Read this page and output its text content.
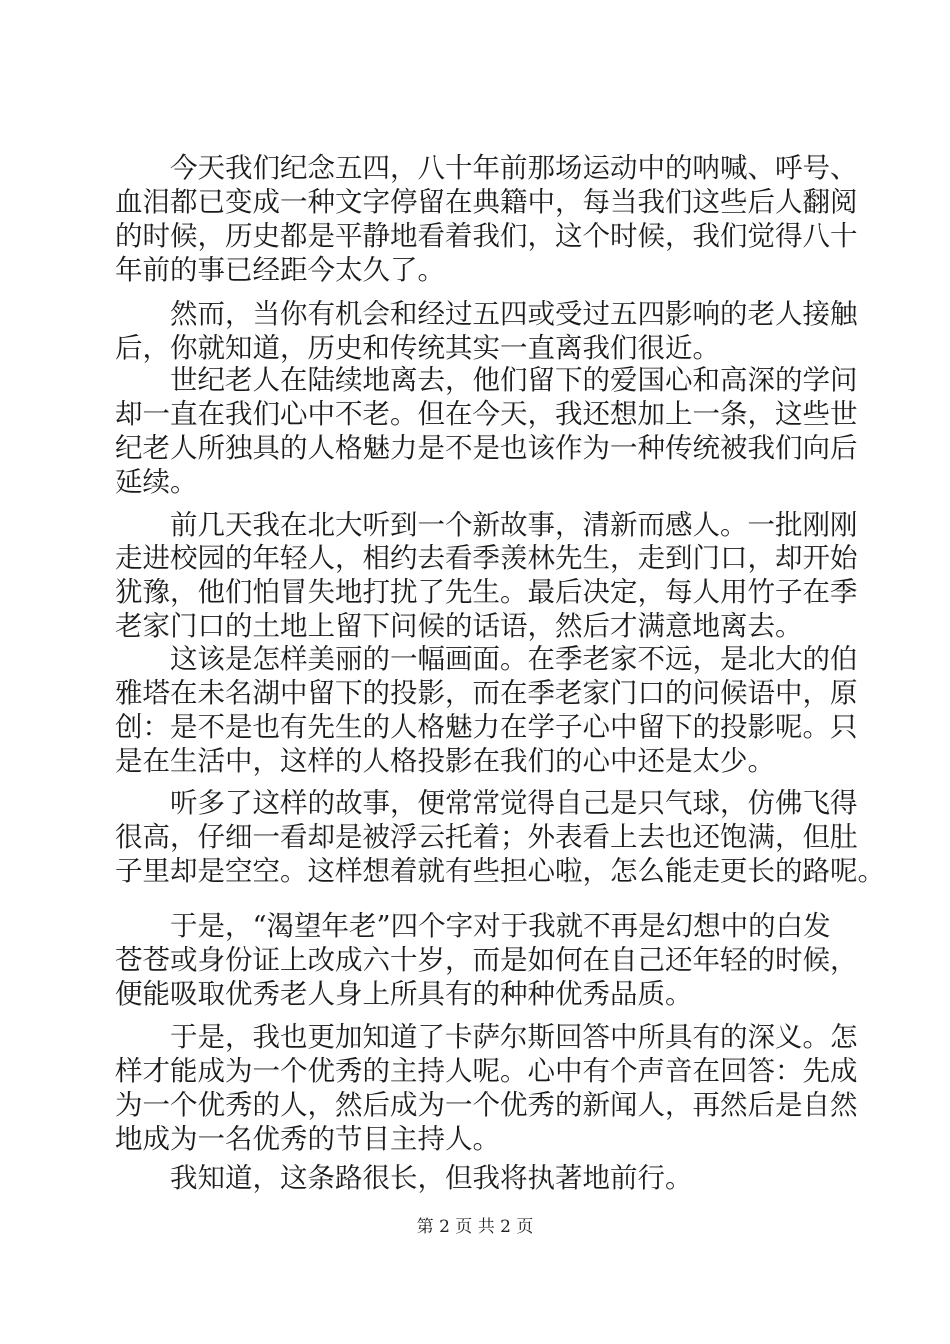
　　今天我们纪念五四，八十年前那场运动中的呐喊、呼号、
血泪都已变成一种文字停留在典籍中，每当我们这些后人翻阅
的时候，历史都是平静地看着我们，这个时候，我们觉得八十
年前的事已经距今太久了。
　　然而，当你有机会和经过五四或受过五四影响的老人接触
后，你就知道，历史和传统其实一直离我们很近。
　　世纪老人在陆续地离去，他们留下的爱国心和高深的学问
却一直在我们心中不老。但在今天，我还想加上一条，这些世
纪老人所独具的人格魅力是不是也该作为一种传统被我们向后
延续。
　　前几天我在北大听到一个新故事，清新而感人。一批刚刚
走进校园的年轻人，相约去看季羡林先生，走到门口，却开始
犹豫，他们怕冒失地打扰了先生。最后决定，每人用竹子在季
老家门口的土地上留下问候的话语，然后才满意地离去。
　　这该是怎样美丽的一幅画面。在季老家不远，是北大的伯
雅塔在未名湖中留下的投影，而在季老家门口的问候语中，原
创：是不是也有先生的人格魅力在学子心中留下的投影呢。只
是在生活中，这样的人格投影在我们的心中还是太少。
　　听多了这样的故事，便常常觉得自己是只气球，仿佛飞得
很高，仔细一看却是被浮云托着；外表看上去也还饱满，但肚
子里却是空空。这样想着就有些担心啦，怎么能走更长的路呢。
　　于是，“渴望年老”四个字对于我就不再是幻想中的白发
苍苍或身份证上改成六十岁，而是如何在自己还年轻的时候，
便能吸取优秀老人身上所具有的种种优秀品质。
　　于是，我也更加知道了卡萨尔斯回答中所具有的深义。怎
样才能成为一个优秀的主持人呢。心中有个声音在回答：先成
为一个优秀的人，然后成为一个优秀的新闻人，再然后是自然
地成为一名优秀的节目主持人。
　　我知道，这条路很长，但我将执著地前行。
第 2 页 共 2 页
